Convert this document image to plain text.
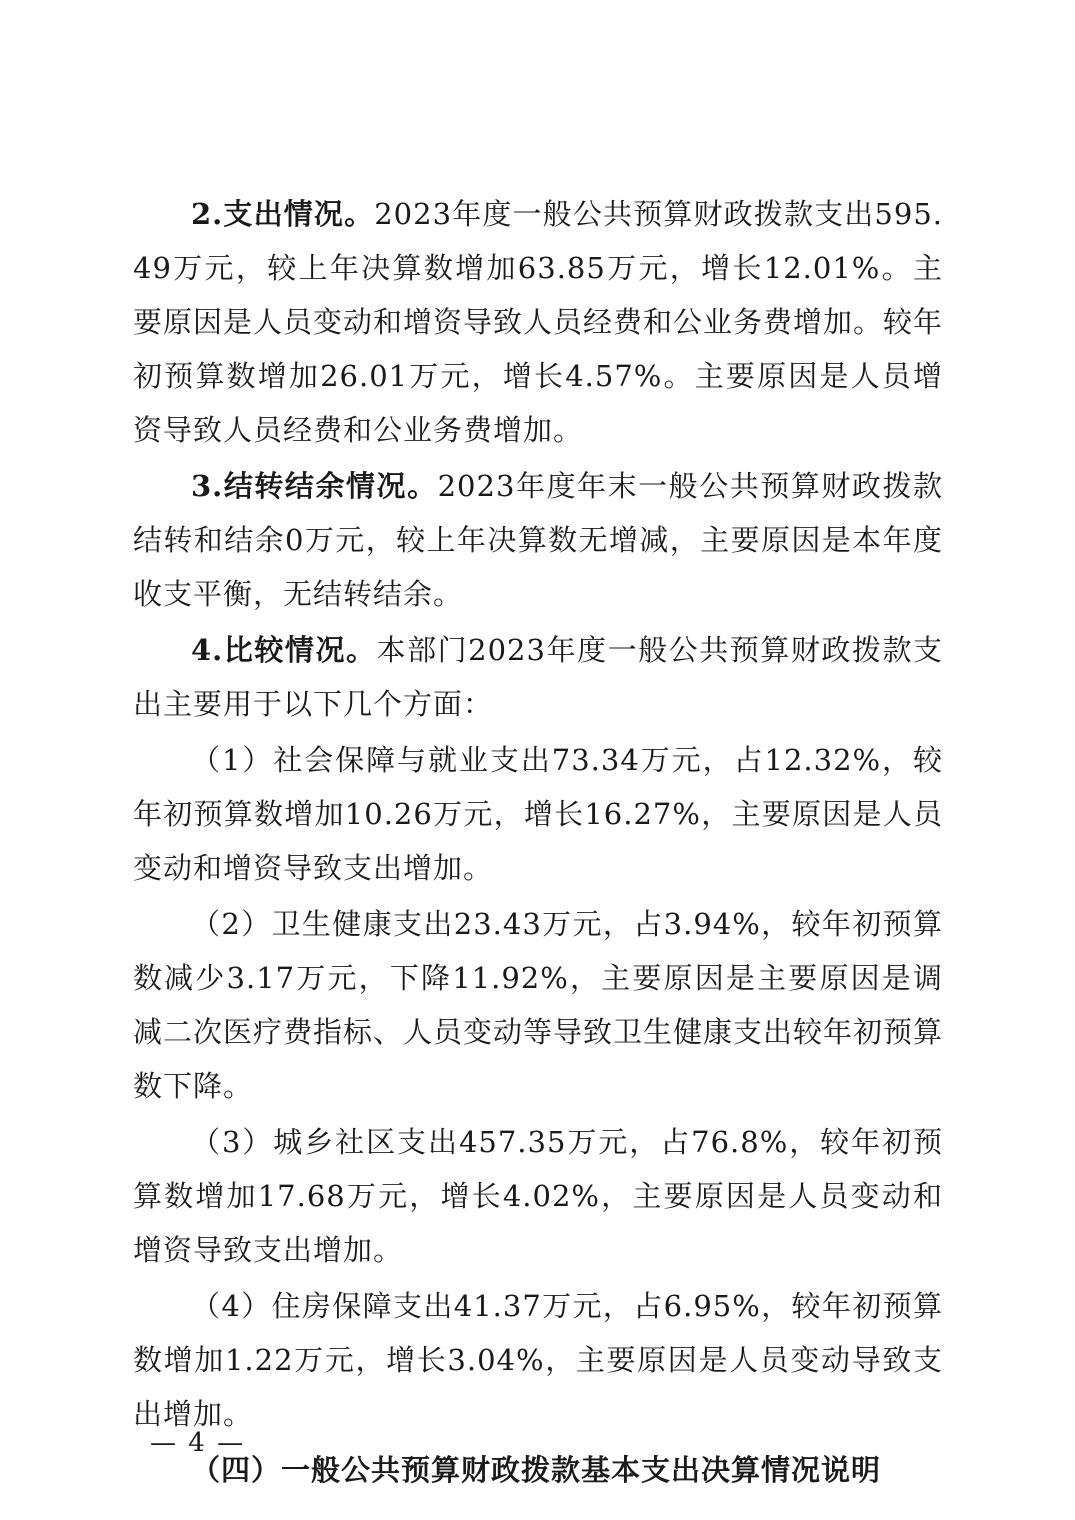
2.支出情况。2023年度一般公共预算财政拨款支出595.49万元，较上年决算数增加63.85万元，增长12.01%。主要原因是人员变动和增资导致人员经费和公业务费增加。较年初预算数增加26.01万元，增长4.57%。主要原因是人员增资导致人员经费和公业务费增加。

3.结转结余情况。2023年度年末一般公共预算财政拨款结转和结余0万元，较上年决算数无增减，主要原因是本年度收支平衡，无结转结余。

4.比较情况。本部门2023年度一般公共预算财政拨款支出主要用于以下几个方面：

（1）社会保障与就业支出73.34万元，占12.32%，较年初预算数增加10.26万元，增长16.27%，主要原因是人员变动和增资导致支出增加。

（2）卫生健康支出23.43万元，占3.94%，较年初预算数减少3.17万元，下降11.92%，主要原因是主要原因是调减二次医疗费指标、人员变动等导致卫生健康支出较年初预算数下降。

（3）城乡社区支出457.35万元，占76.8%，较年初预算数增加17.68万元，增长4.02%，主要原因是人员变动和增资导致支出增加。

（4）住房保障支出41.37万元，占6.95%，较年初预算数增加1.22万元，增长3.04%，主要原因是人员变动导致支出增加。

（四）一般公共预算财政拨款基本支出决算情况说明

— 4 —
